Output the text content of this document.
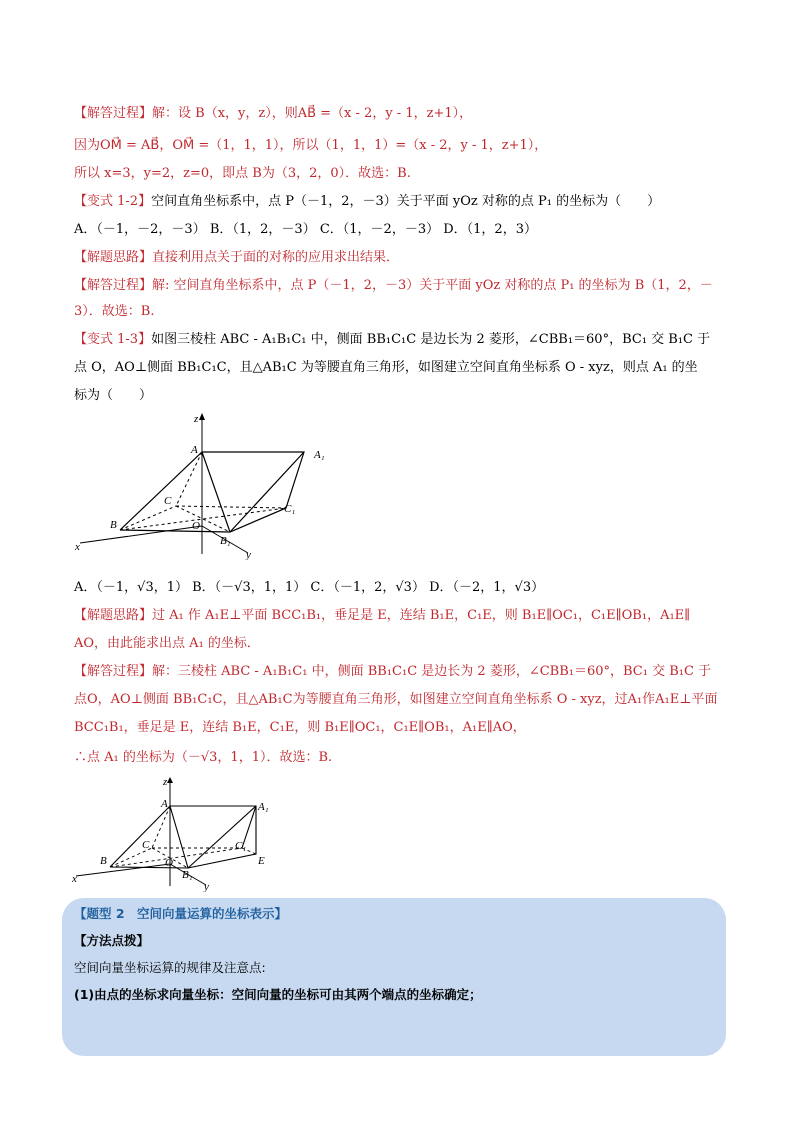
【解答过程】解：设 B（x，y，z），则AB⃗ =（x - 2，y - 1，z+1），
因为OM⃗ = AB⃗，OM⃗ =（1，1，1），所以（1，1，1）=（x - 2，y - 1，z+1），
所以 x=3，y=2，z=0，即点 B为（3，2，0）．故选：B.
【变式 1-2】空间直角坐标系中，点 P（－1，2，－3）关于平面 yOz 对称的点 P₁ 的坐标为（　　）
A．（－1，－2，－3） B．（1，2，－3） C．（1，－2，－3） D．（1，2，3）
【解题思路】直接利用点关于面的对称的应用求出结果．
【解答过程】解: 空间直角坐标系中，点 P（－1，2，－3）关于平面 yOz 对称的点 P₁ 的坐标为 B（1，2，－
3）．故选：B.
【变式 1-3】如图三棱柱 ABC - A₁B₁C₁ 中，侧面 BB₁C₁C 是边长为 2 菱形，∠CBB₁＝60°，BC₁ 交 B₁C 于
点 O，AO⊥侧面 BB₁C₁C，且△AB₁C 为等腰直角三角形，如图建立空间直角坐标系 O - xyz，则点 A₁ 的坐
标为（　　）
z
A	A₁
C
C₁
B	O
B₁
x
y
A．（－1，√3，1） B．（－√3，1，1） C．（－1，2，√3） D．（－2，1，√3）
【解题思路】过 A₁ 作 A₁E⊥平面 BCC₁B₁，垂足是 E，连结 B₁E，C₁E，则 B₁E∥OC₁，C₁E∥OB₁，A₁E∥
AO，由此能求出点 A₁ 的坐标．
【解答过程】解：三棱柱 ABC - A₁B₁C₁ 中，侧面 BB₁C₁C 是边长为 2 菱形，∠CBB₁＝60°，BC₁ 交 B₁C 于
点O，AO⊥侧面 BB₁C₁C，且△AB₁C为等腰直角三角形，如图建立空间直角坐标系 O - xyz，过A₁作A₁E⊥平面
BCC₁B₁，垂足是 E，连结 B₁E，C₁E，则 B₁E∥OC₁，C₁E∥OB₁，A₁E∥AO，
∴点 A₁ 的坐标为（－√3，1，1）．故选：B.
z
A	A₁
C	C₁
B	O
B₁
E
x
y
【题型 2　空间向量运算的坐标表示】
【方法点拨】
空间向量坐标运算的规律及注意点:
(1)由点的坐标求向量坐标：空间向量的坐标可由其两个端点的坐标确定；
